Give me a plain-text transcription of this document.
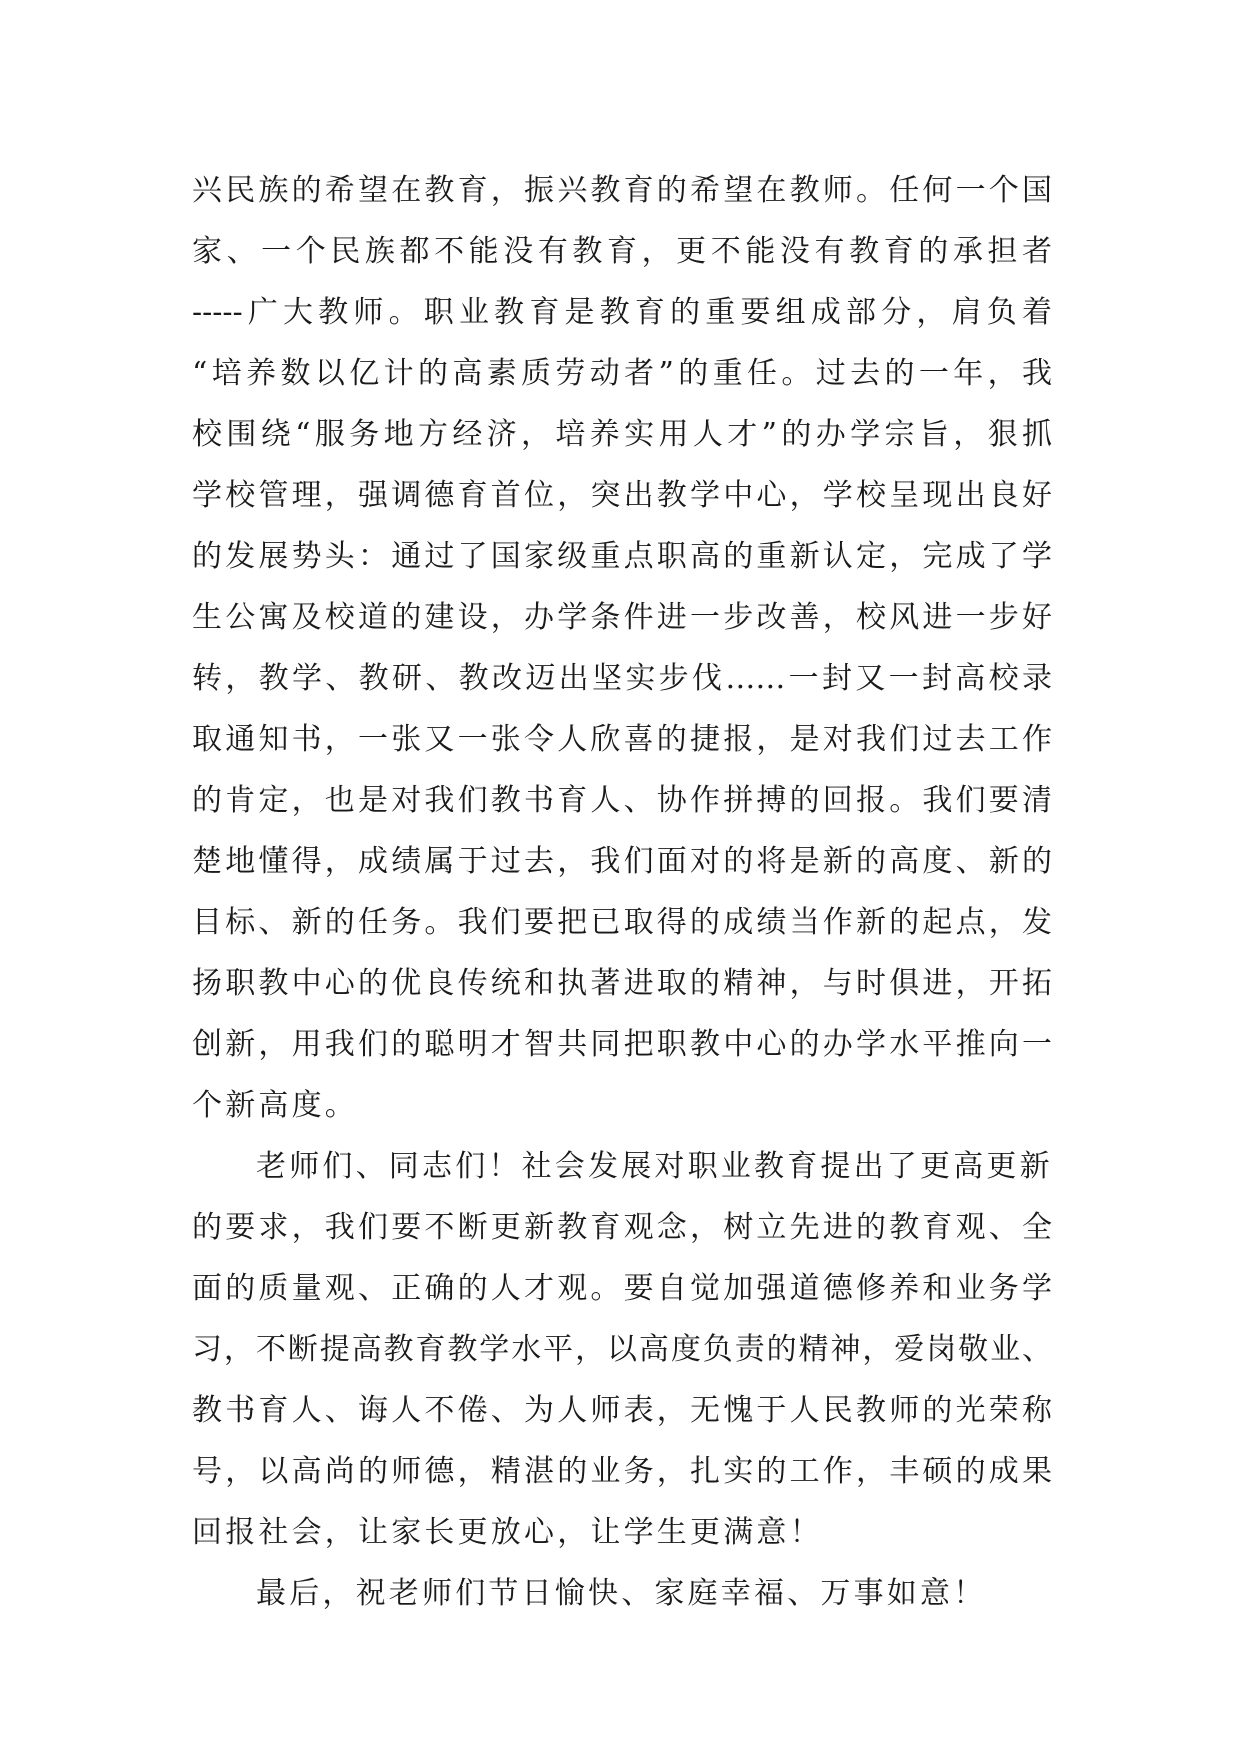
兴民族的希望在教育，振兴教育的希望在教师。任何一个国
家、一个民族都不能没有教育，更不能没有教育的承担者
-----广大教师。职业教育是教育的重要组成部分，肩负着
“培养数以亿计的高素质劳动者”的重任。过去的一年，我
校围绕“服务地方经济，培养实用人才”的办学宗旨，狠抓
学校管理，强调德育首位，突出教学中心，学校呈现出良好
的发展势头：通过了国家级重点职高的重新认定，完成了学
生公寓及校道的建设，办学条件进一步改善，校风进一步好
转，教学、教研、教改迈出坚实步伐……一封又一封高校录
取通知书，一张又一张令人欣喜的捷报，是对我们过去工作
的肯定，也是对我们教书育人、协作拼搏的回报。我们要清
楚地懂得，成绩属于过去，我们面对的将是新的高度、新的
目标、新的任务。我们要把已取得的成绩当作新的起点，发
扬职教中心的优良传统和执著进取的精神，与时俱进，开拓
创新，用我们的聪明才智共同把职教中心的办学水平推向一
个新高度。
老师们、同志们！社会发展对职业教育提出了更高更新
的要求，我们要不断更新教育观念，树立先进的教育观、全
面的质量观、正确的人才观。要自觉加强道德修养和业务学
习，不断提高教育教学水平，以高度负责的精神，爱岗敬业、
教书育人、诲人不倦、为人师表，无愧于人民教师的光荣称
号，以高尚的师德，精湛的业务，扎实的工作，丰硕的成果
回报社会，让家长更放心，让学生更满意！
最后，祝老师们节日愉快、家庭幸福、万事如意！
